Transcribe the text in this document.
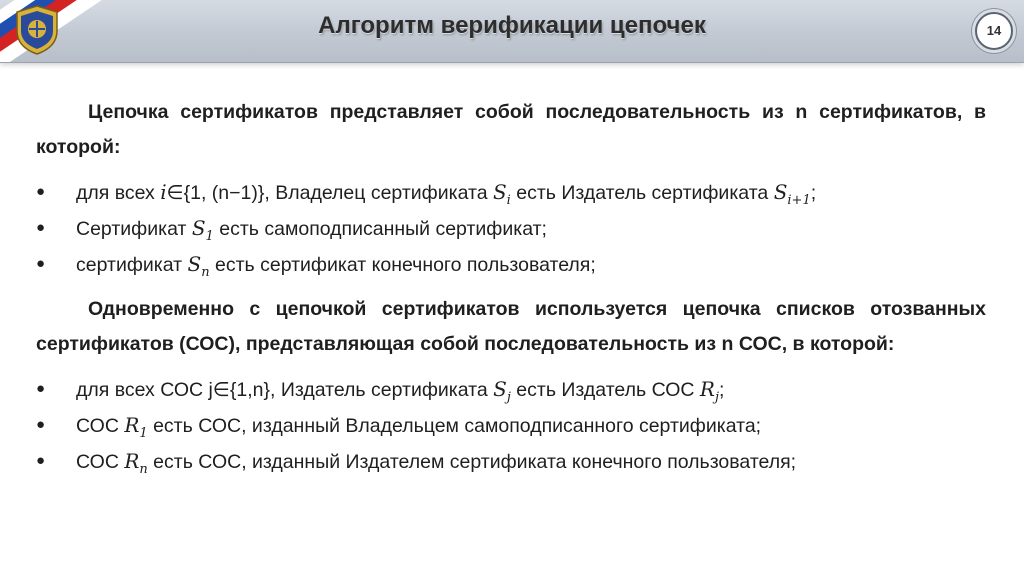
Алгоритм верификации цепочек	14

Цепочка сертификатов представляет собой последовательность из n сертификатов, в которой:

● для всех i∈{1, (n−1)}, Владелец сертификата $S_i$ есть Издатель сертификата $S_{i+1}$;
● Сертификат $S_1$ есть самоподписанный сертификат;
● сертификат $S_n$ есть сертификат конечного пользователя;

Одновременно с цепочкой сертификатов используется цепочка списков отозванных сертификатов (СОС), представляющая собой последовательность из n СОС, в которой:

● для всех СОС j∈{1,n}, Издатель сертификата $S_j$ есть Издатель СОС $R_j$;
● СОС $R_1$ есть СОС, изданный Владельцем самоподписанного сертификата;
● СОС $R_n$ есть СОС, изданный Издателем сертификата конечного пользователя;
